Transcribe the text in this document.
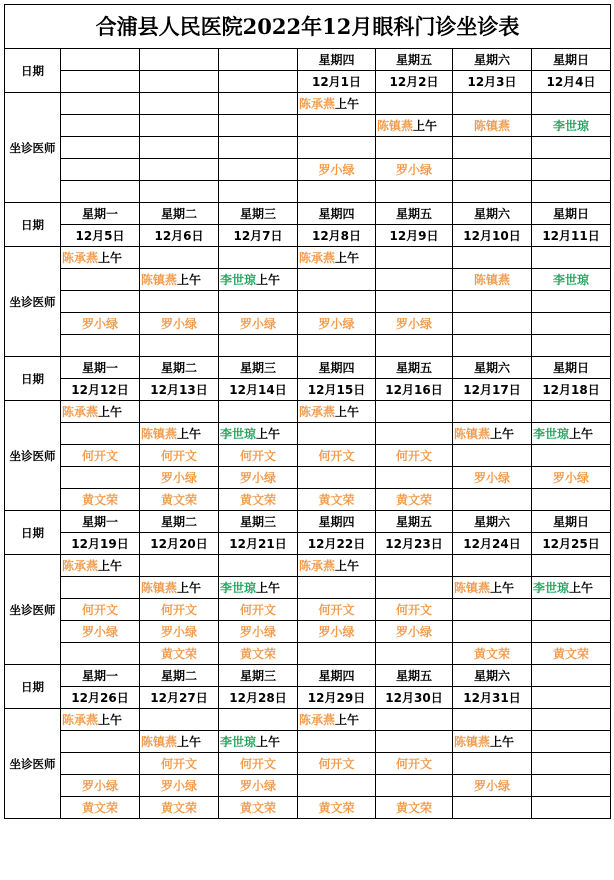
合浦县人民医院2022年12月眼科门诊坐诊表							
日期				星期四	星期五	星期六	星期日
				12月1日	12月2日	12月3日	12月4日
坐诊医师				陈承燕上午			
					陈镇燕上午	陈镇燕	李世琼

				罗小绿	罗小绿		

日期	星期一	星期二	星期三	星期四	星期五	星期六	星期日
	12月5日	12月6日	12月7日	12月8日	12月9日	12月10日	12月11日
坐诊医师	陈承燕上午			陈承燕上午			
		陈镇燕上午	李世琼上午			陈镇燕	李世琼

	罗小绿	罗小绿	罗小绿	罗小绿	罗小绿		

日期	星期一	星期二	星期三	星期四	星期五	星期六	星期日
	12月12日	12月13日	12月14日	12月15日	12月16日	12月17日	12月18日
坐诊医师	陈承燕上午			陈承燕上午			
		陈镇燕上午	李世琼上午			陈镇燕上午	李世琼上午
	何开文	何开文	何开文	何开文	何开文		
		罗小绿	罗小绿			罗小绿	罗小绿
	黄文荣	黄文荣	黄文荣	黄文荣	黄文荣		
日期	星期一	星期二	星期三	星期四	星期五	星期六	星期日
	12月19日	12月20日	12月21日	12月22日	12月23日	12月24日	12月25日
坐诊医师	陈承燕上午			陈承燕上午			
		陈镇燕上午	李世琼上午			陈镇燕上午	李世琼上午
	何开文	何开文	何开文	何开文	何开文		
	罗小绿	罗小绿	罗小绿	罗小绿	罗小绿		
		黄文荣	黄文荣			黄文荣	黄文荣
日期	星期一	星期二	星期三	星期四	星期五	星期六	
	12月26日	12月27日	12月28日	12月29日	12月30日	12月31日	
坐诊医师	陈承燕上午			陈承燕上午			
		陈镇燕上午	李世琼上午			陈镇燕上午	
		何开文	何开文	何开文	何开文		
	罗小绿	罗小绿	罗小绿			罗小绿	
	黄文荣	黄文荣	黄文荣	黄文荣	黄文荣		
